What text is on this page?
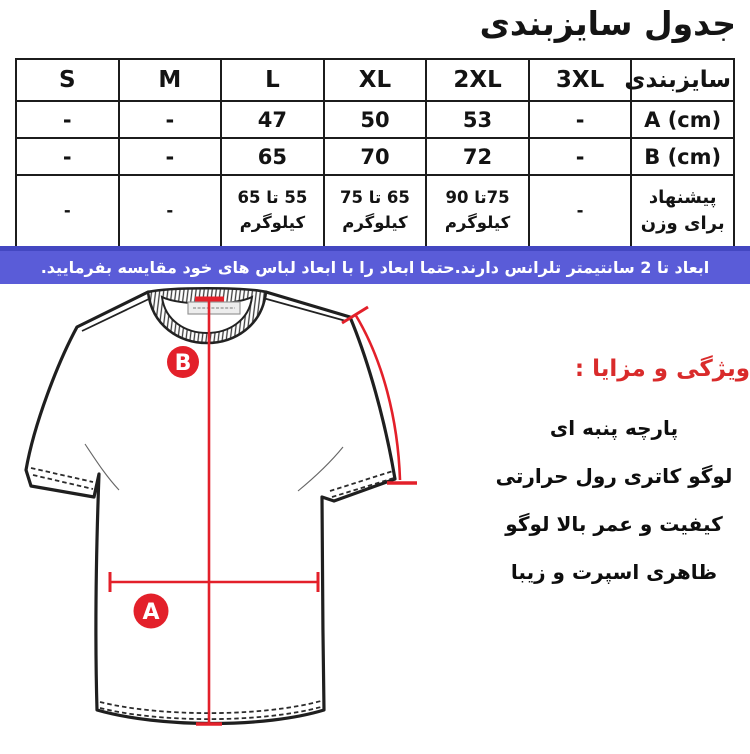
جدول سایزبندی
S	M	L	XL	2XL	3XL	سایزبندی
-	-	47	50	53	-	A (cm)
-	-	65	70	72	-	B (cm)
-	-	55 تا 65 کیلوگرم	65 تا 75 کیلوگرم	75تا 90 کیلوگرم	-	پیشنهاد برای وزن
ابعاد تا 2 سانتیمتر تلرانس دارند.حتما ابعاد را با ابعاد لباس های خود مقایسه بفرمایید.
ویژگی و مزایا :
پارچه پنبه ای
لوگو کاتری رول حرارتی
کیفیت و عمر بالا لوگو
ظاهری اسپرت و زیبا
B
A
